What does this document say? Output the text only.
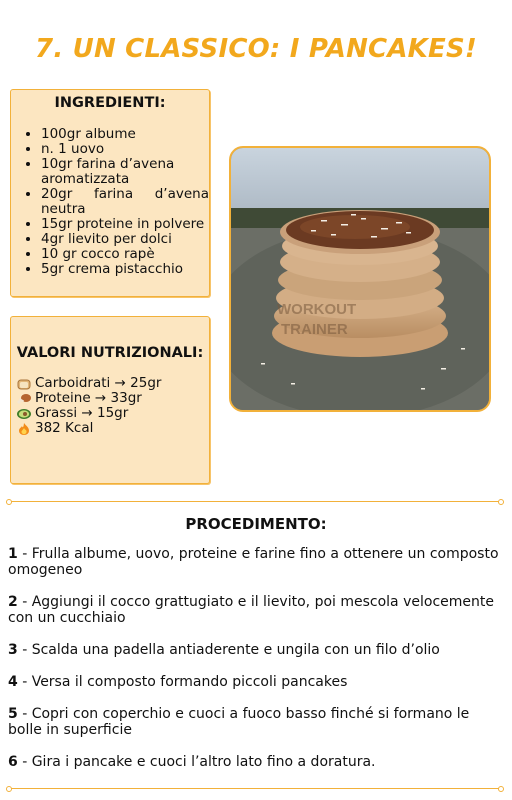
7. UN CLASSICO: I PANCAKES!
INGREDIENTI:
• 100gr albume
• n. 1 uovo
• 10gr farina d’avena aromatizzata
• 20gr farina d’avena neutra
• 15gr proteine in polvere
• 4gr lievito per dolci
• 10 gr cocco rapè
• 5gr crema pistacchio
VALORI NUTRIZIONALI:
Carboidrati → 25gr
Proteine → 33gr
Grassi → 15gr
382 Kcal
WORKOUT
TRAINER
PROCEDIMENTO:
1 - Frulla albume, uovo, proteine e farine fino a ottenere un composto omogeneo
2 - Aggiungi il cocco grattugiato e il lievito, poi mescola velocemente con un cucchiaio
3 - Scalda una padella antiaderente e ungila con un filo d’olio
4 - Versa il composto formando piccoli pancakes
5 - Copri con coperchio e cuoci a fuoco basso finché si formano le bolle in superficie
6 - Gira i pancake e cuoci l’altro lato fino a doratura.
